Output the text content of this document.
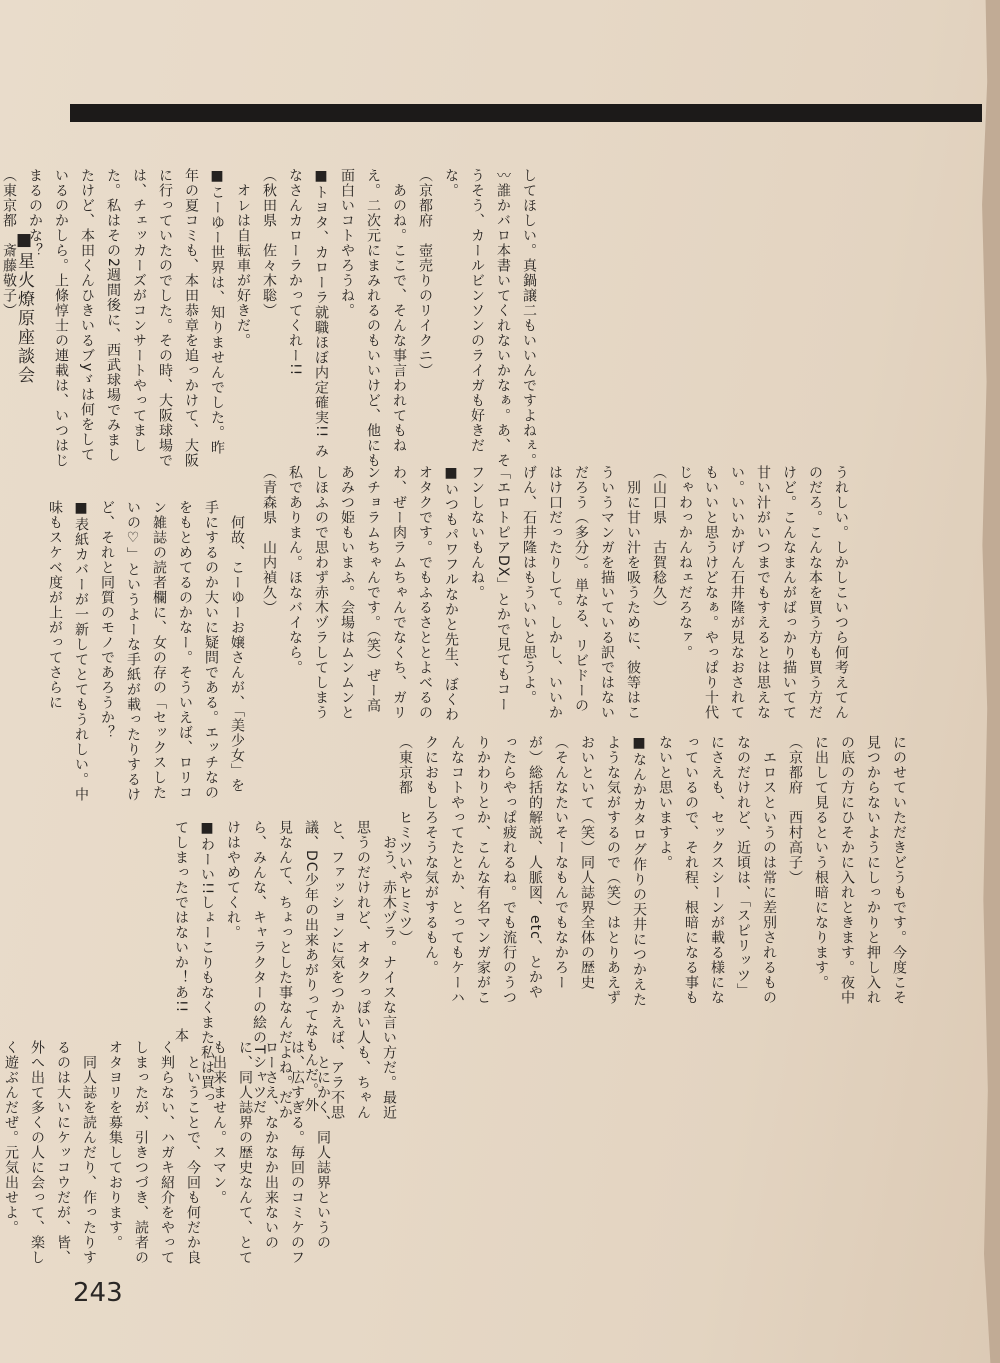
■星火燎原座談会	してほしい。真鍋譲二もいいんですよねぇ。〰誰かバロ本書いてくれないかなぁ。あ、そうそう、カールビンソンのライガも好きだな。
（京都府　壺売りのリイクニ）
　あのね。ここで、そんな事言われてもねえ。二次元にまみれるのもいいけど、他にも面白いコトやろうね。
■トヨタ、カローラ就職ほぼ内定確実!! みなさんカローラかってくれー!!
（秋田県　佐々木聡）
　オレは自転車が好きだ。
■こーゆー世界は、知りませんでした。昨年の夏コミも、本田恭章を追っかけて、大阪に行っていたのでした。その時、大阪球場では、チェッカーズがコンサートやってました。私はその2週間後に、西武球場でみましたけど、本田くんひきいるブyゞは何をしているのかしら。上條惇士の連載は、いつはじまるのかな？
（東京都　斎藤敬子）
　何故、こーゆーお嬢さんが、「美少女」を手にするのか大いに疑問である。エッチなのをもとめてるのかなー。そういえば、ロリコン雑誌の読者欄に、女の存の「セックスしたいの♡」というよーな手紙が載ったりするけど、それと同質のモノであろうか？
■表紙カバーが一新してとてもうれしい。中味もスケベ度が上がってさらに	うれしい。しかしこいつら何考えてんのだろ。こんな本を買う方も買う方だけど。こんなまんがばっかり描いてて甘い汁がいつまでもすえるとは思えない。いいかげん石井隆が見なおされてもいいと思うけどなぁ。やっぱり十代じゃわっかんねェだろなァ。
（山口県　古賀稔久）
　別に甘い汁を吸うために、彼等はこういうマンガを描いている訳ではないだろう（多分）。単なる、リビドーのはけ口だったりして。しかし、いいかげん、石井隆はもういいと思うよ。「エロトピアDX」とかで見てもコーフンしないもんね。
■いつもパワフルなかと先生、ぼくわオタクです。でもふるさととよべるのわ、ぜー肉ラムちゃんでなくち、ガリンチョラムちゃんです。（笑）ぜー高あみつ姫もいまふ。会場はムンムンとしほふので思わず赤木ヅラしてしまう私でありまん。ほなバイなら。
（青森県　山内禎久）
　おう、赤木ヅラ。ナイスな言い方だ。最近思うのだけれど、オタクっぽい人も、ちゃんと、ファッションに気をつかえば、アラ不思議、DC少年の出来あがりってなもんだ。外見なんて、ちょっとした事なんだよね。だから、みんな、キャラクターの絵のTシャツだけはやめてくれ。
■わーい!!しょーこりもなくまた私は買ってしまったではないか！あ!!　本
にのせていただきどうもです。今度こそ見つからないようにしっかりと押し入れの底の方にひそかに入れときます。夜中に出して見るという根暗になります。
（京都府　西村高子）
　エロスというのは常に差別されるものなのだけれど、近頃は、「スピリッツ」にさえも、セックスシーンが載る様になっているので、それ程、根暗になる事もないと思いますよ。
■なんかカタログ作りの天井につかえたような気がするので（笑）はとりあえずおいといて（笑）同人誌界全体の歴史（そんなたいそーなもんでもなかろーが）総括的解説、人脈図、etc、とかやったらやっぱ疲れるね。でも流行のうつりかわりとか、こんな有名マンガ家がこんなコトやってたとか、とってもケーハクにおもしろそうな気がするもん。
（東京都　ヒミツいやヒミツ）
　とにかく、同人誌界というのは、広すぎる。毎回のコミケのフローさえ、なかなか出来ないのに、同人誌界の歴史なんて、とても出来ません。スマン。
　ということで、今回も何だか良く判らない、ハガキ紹介をやってしまったが、引きつづき、読者のオタヨリを募集しております。
　同人誌を読んだり、作ったりするのは大いにケッコウだが、皆、外へ出て多くの人に会って、楽しく遊ぶんだぜ。元気出せよ。
243
